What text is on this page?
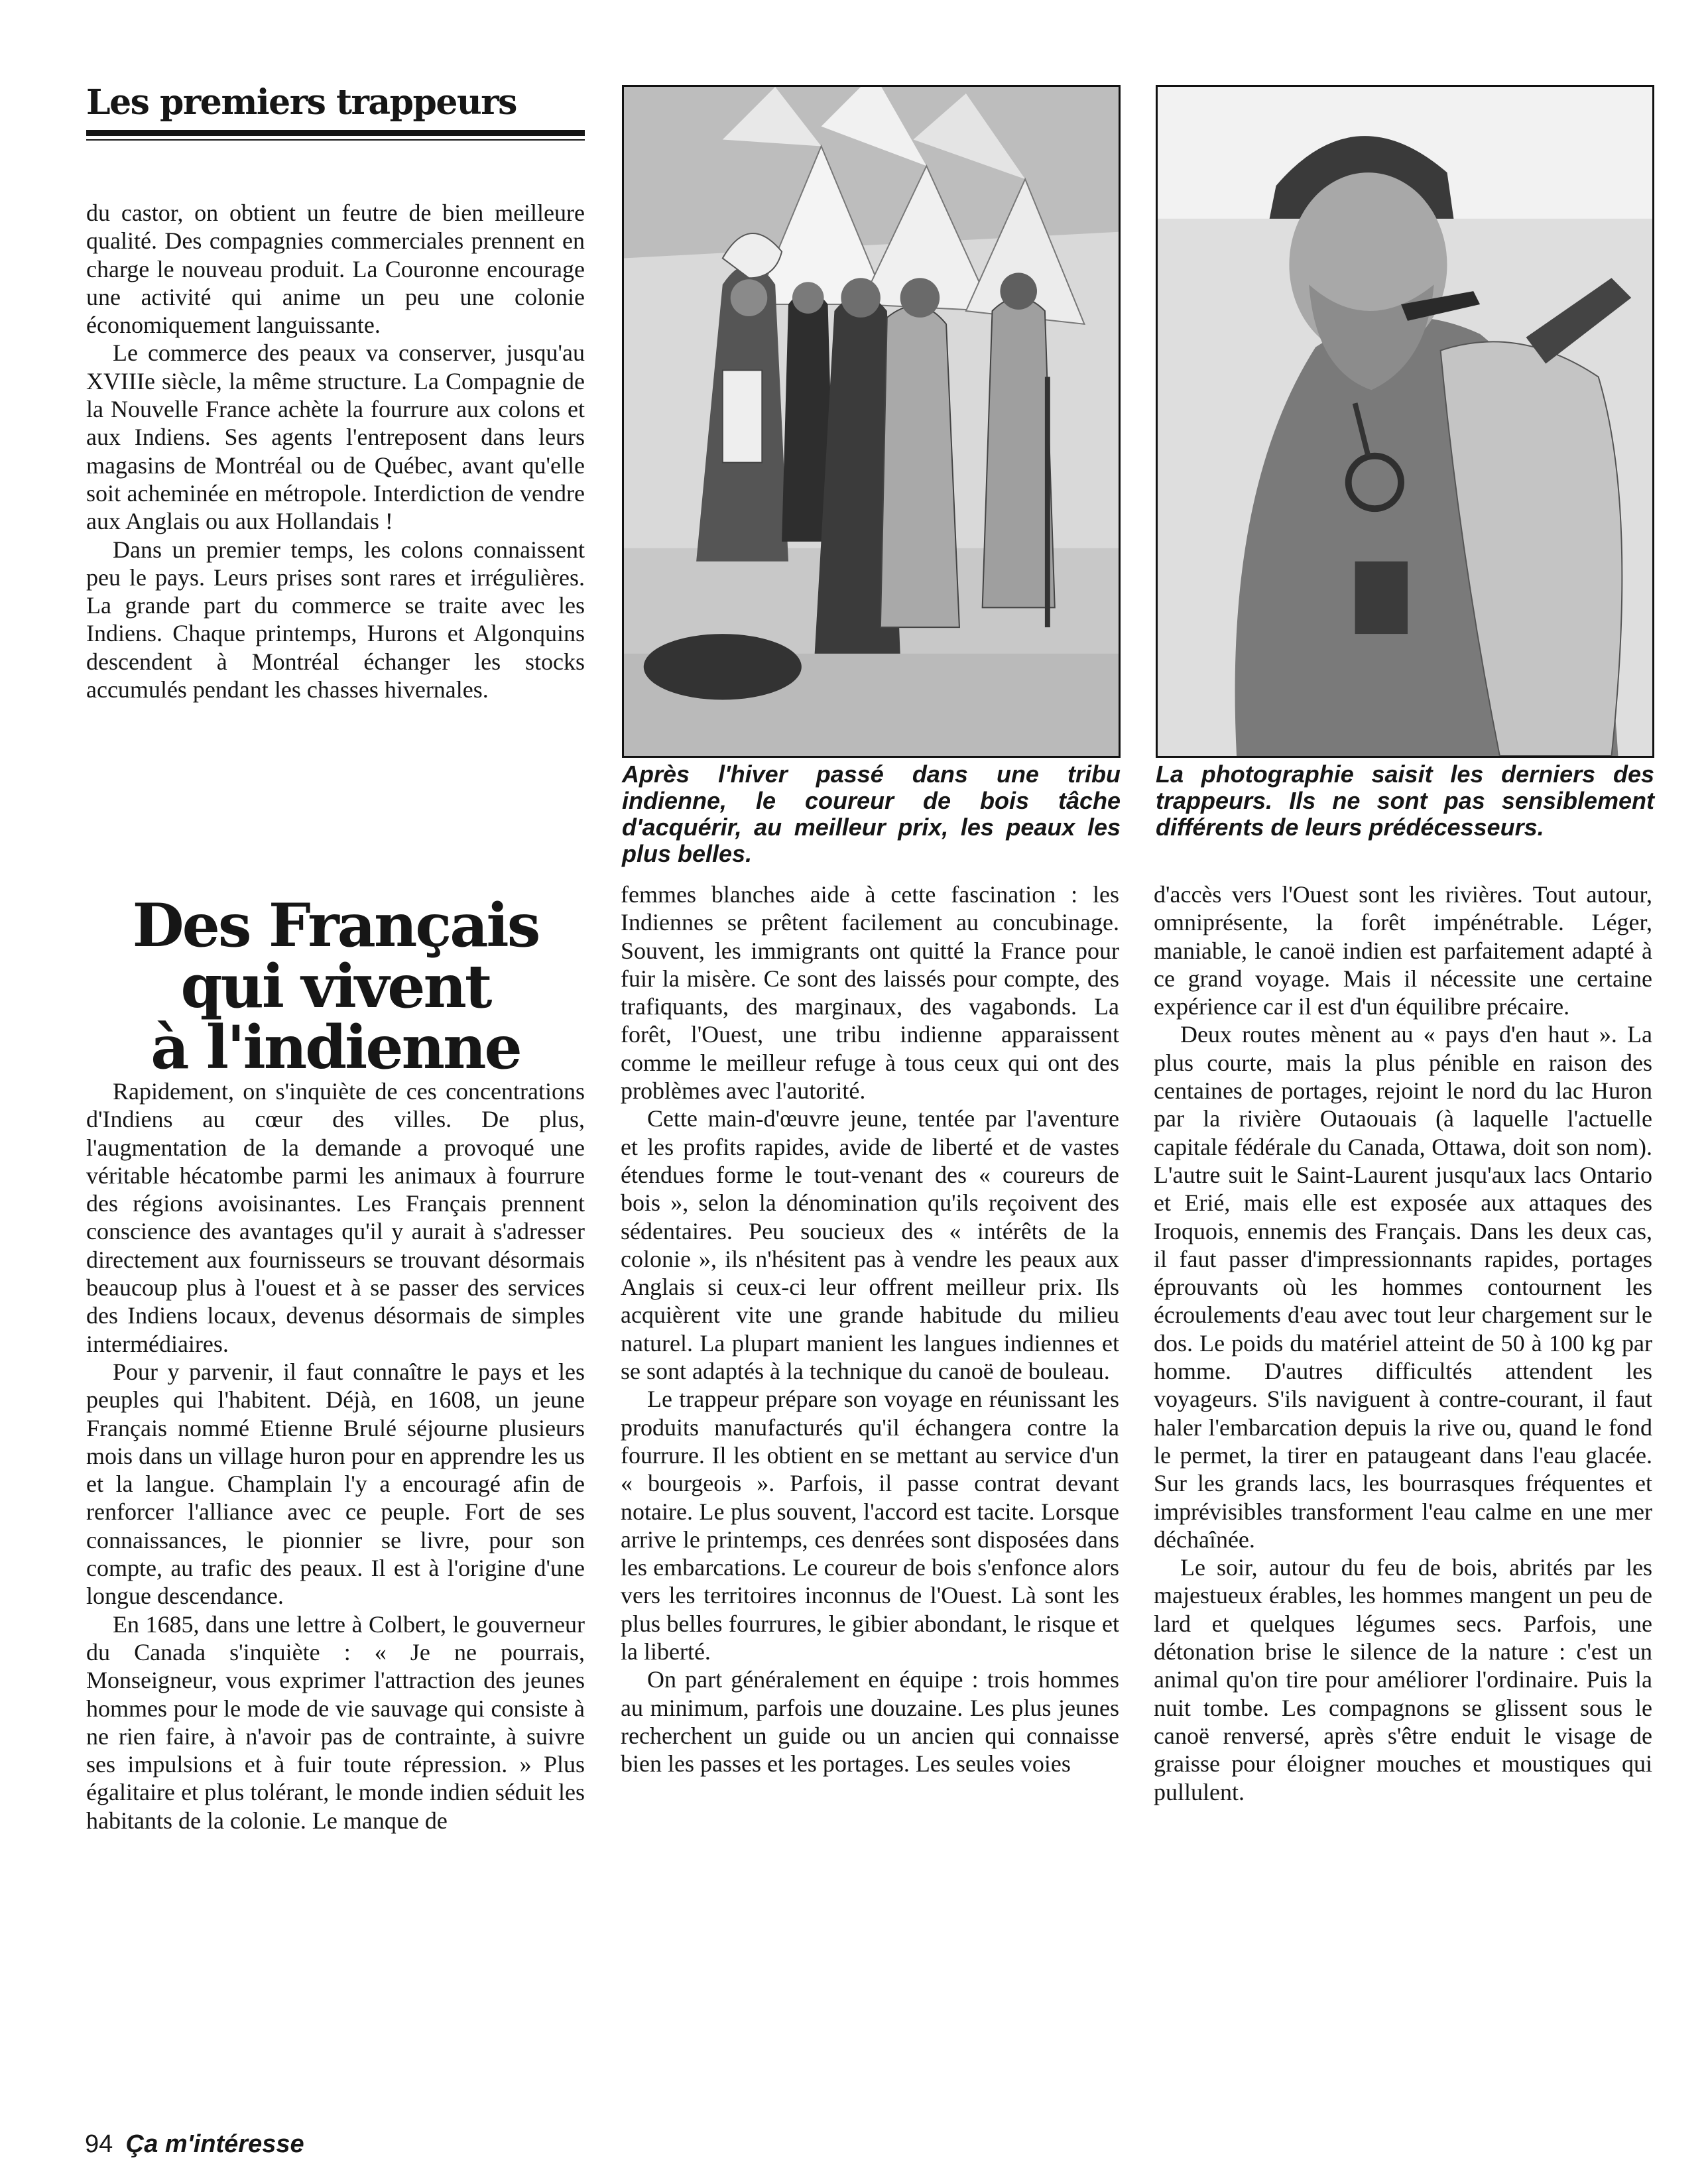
Les premiers trappeurs

du castor, on obtient un feutre de bien meilleure qualité. Des compagnies commerciales prennent en charge le nouveau produit. La Couronne encourage une activité qui anime un peu une colonie économiquement languissante.

Le commerce des peaux va conserver, jusqu'au XVIIIe siècle, la même structure. La Compagnie de la Nouvelle France achète la fourrure aux colons et aux Indiens. Ses agents l'entreposent dans leurs magasins de Montréal ou de Québec, avant qu'elle soit acheminée en métropole. Interdiction de vendre aux Anglais ou aux Hollandais !

Dans un premier temps, les colons connaissent peu le pays. Leurs prises sont rares et irrégulières. La grande part du commerce se traite avec les Indiens. Chaque printemps, Hurons et Algonquins descendent à Montréal échanger les stocks accumulés pendant les chasses hivernales.

Des Français
qui vivent
à l'indienne

Rapidement, on s'inquiète de ces concentrations d'Indiens au cœur des villes. De plus, l'augmentation de la demande a provoqué une véritable hécatombe parmi les animaux à fourrure des régions avoisinantes. Les Français prennent conscience des avantages qu'il y aurait à s'adresser directement aux fournisseurs se trouvant désormais beaucoup plus à l'ouest et à se passer des services des Indiens locaux, devenus désormais de simples intermédiaires.

Pour y parvenir, il faut connaître le pays et les peuples qui l'habitent. Déjà, en 1608, un jeune Français nommé Etienne Brulé séjourne plusieurs mois dans un village huron pour en apprendre les us et la langue. Champlain l'y a encouragé afin de renforcer l'alliance avec ce peuple. Fort de ses connaissances, le pionnier se livre, pour son compte, au trafic des peaux. Il est à l'origine d'une longue descendance.

En 1685, dans une lettre à Colbert, le gouverneur du Canada s'inquiète : « Je ne pourrais, Monseigneur, vous exprimer l'attraction des jeunes hommes pour le mode de vie sauvage qui consiste à ne rien faire, à n'avoir pas de contrainte, à suivre ses impulsions et à fuir toute répression. » Plus égalitaire et plus tolérant, le monde indien séduit les habitants de la colonie. Le manque de

Après l'hiver passé dans une tribu indienne, le coureur de bois tâche d'acquérir, au meilleur prix, les peaux les plus belles.
La photographie saisit les derniers des trappeurs. Ils ne sont pas sensiblement différents de leurs prédécesseurs.

femmes blanches aide à cette fascination : les Indiennes se prêtent facilement au concubinage. Souvent, les immigrants ont quitté la France pour fuir la misère. Ce sont des laissés pour compte, des trafiquants, des marginaux, des vagabonds. La forêt, l'Ouest, une tribu indienne apparaissent comme le meilleur refuge à tous ceux qui ont des problèmes avec l'autorité.

Cette main-d'œuvre jeune, tentée par l'aventure et les profits rapides, avide de liberté et de vastes étendues forme le tout-venant des « coureurs de bois », selon la dénomination qu'ils reçoivent des sédentaires. Peu soucieux des « intérêts de la colonie », ils n'hésitent pas à vendre les peaux aux Anglais si ceux-ci leur offrent meilleur prix. Ils acquièrent vite une grande habitude du milieu naturel. La plupart manient les langues indiennes et se sont adaptés à la technique du canoë de bouleau.

Le trappeur prépare son voyage en réunissant les produits manufacturés qu'il échangera contre la fourrure. Il les obtient en se mettant au service d'un « bourgeois ». Parfois, il passe contrat devant notaire. Le plus souvent, l'accord est tacite. Lorsque arrive le printemps, ces denrées sont disposées dans les embarcations. Le coureur de bois s'enfonce alors vers les territoires inconnus de l'Ouest. Là sont les plus belles fourrures, le gibier abondant, le risque et la liberté.

On part généralement en équipe : trois hommes au minimum, parfois une douzaine. Les plus jeunes recherchent un guide ou un ancien qui connaisse bien les passes et les portages. Les seules voies

d'accès vers l'Ouest sont les rivières. Tout autour, omniprésente, la forêt impénétrable. Léger, maniable, le canoë indien est parfaitement adapté à ce grand voyage. Mais il nécessite une certaine expérience car il est d'un équilibre précaire.

Deux routes mènent au « pays d'en haut ». La plus courte, mais la plus pénible en raison des centaines de portages, rejoint le nord du lac Huron par la rivière Outaouais (à laquelle l'actuelle capitale fédérale du Canada, Ottawa, doit son nom). L'autre suit le Saint-Laurent jusqu'aux lacs Ontario et Erié, mais elle est exposée aux attaques des Iroquois, ennemis des Français. Dans les deux cas, il faut passer d'impressionnants rapides, portages éprouvants où les hommes contournent les écroulements d'eau avec tout leur chargement sur le dos. Le poids du matériel atteint de 50 à 100 kg par homme. D'autres difficultés attendent les voyageurs. S'ils naviguent à contre-courant, il faut haler l'embarcation depuis la rive ou, quand le fond le permet, la tirer en pataugeant dans l'eau glacée. Sur les grands lacs, les bourrasques fréquentes et imprévisibles transforment l'eau calme en une mer déchaînée.

Le soir, autour du feu de bois, abrités par les majestueux érables, les hommes mangent un peu de lard et quelques légumes secs. Parfois, une détonation brise le silence de la nature : c'est un animal qu'on tire pour améliorer l'ordinaire. Puis la nuit tombe. Les compagnons se glissent sous le canoë renversé, après s'être enduit le visage de graisse pour éloigner mouches et moustiques qui pullulent.

94 Ça m'intéresse
